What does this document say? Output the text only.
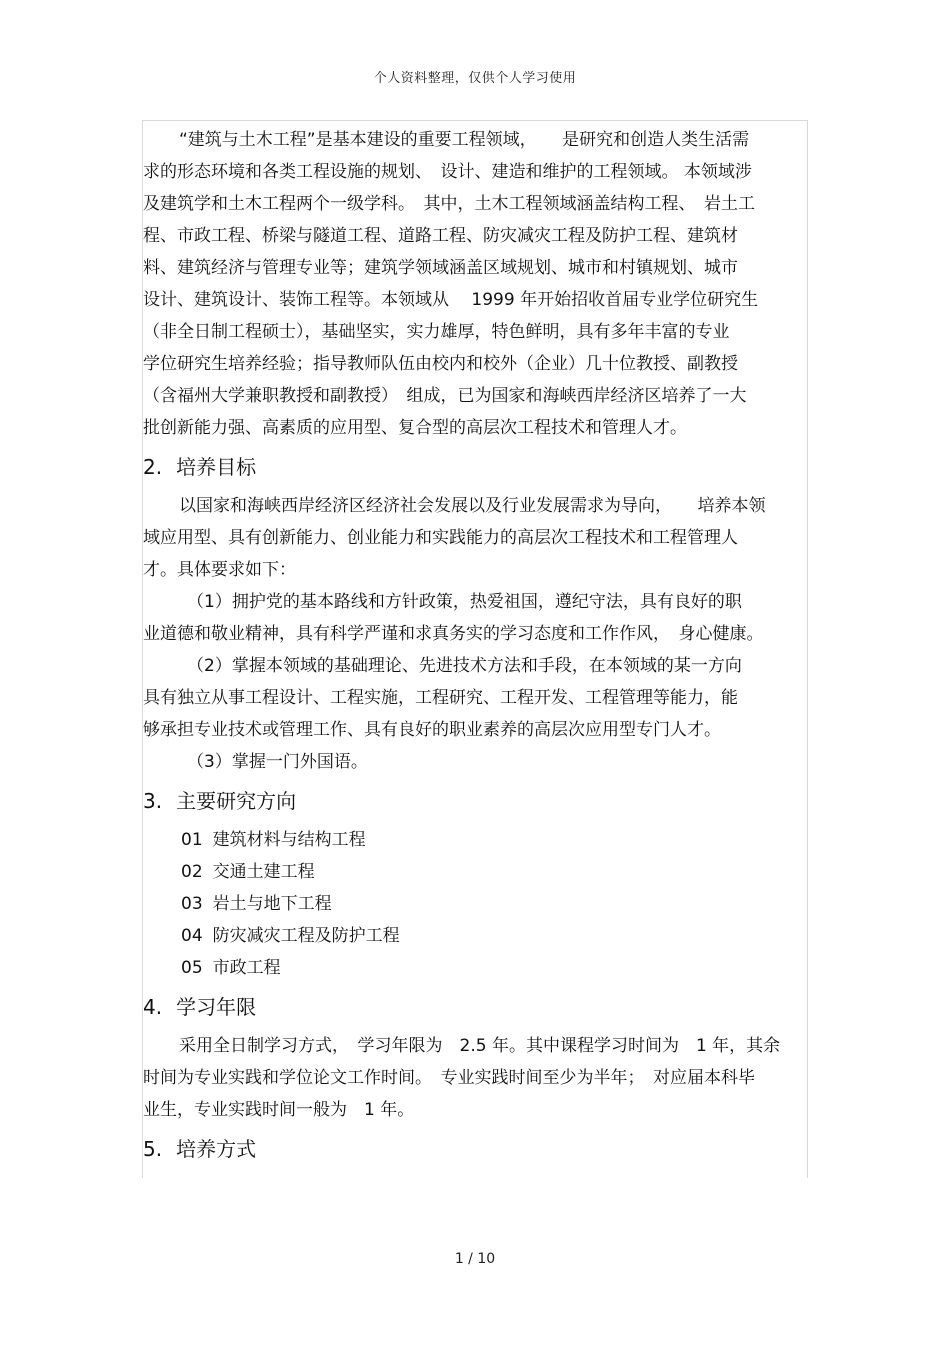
个人资料整理，仅供个人学习使用

“建筑与土木工程”是基本建设的重要工程领域，　　是研究和创造人类生活需

求的形态环境和各类工程设施的规划、　设计、建造和维护的工程领域。 本领域涉

及建筑学和土木工程两个一级学科。　其中，土木工程领域涵盖结构工程、　岩土工

程、市政工程、桥梁与隧道工程、道路工程、防灾减灾工程及防护工程、建筑材

料、建筑经济与管理专业等；建筑学领域涵盖区域规划、城市和村镇规划、城市

设计、建筑设计、装饰工程等。本领域从　 1999 年开始招收首届专业学位研究生

（非全日制工程硕士），基础坚实，实力雄厚，特色鲜明，具有多年丰富的专业

学位研究生培养经验；指导教师队伍由校内和校外（企业）几十位教授、副教授

（含福州大学兼职教授和副教授）　组成，已为国家和海峡西岸经济区培养了一大

批创新能力强、高素质的应用型、复合型的高层次工程技术和管理人才。

2. 培养目标

以国家和海峡西岸经济区经济社会发展以及行业发展需求为导向，　　培养本领

域应用型、具有创新能力、创业能力和实践能力的高层次工程技术和工程管理人

才。具体要求如下：

（1）拥护党的基本路线和方针政策，热爱祖国，遵纪守法，具有良好的职

业道德和敬业精神，具有科学严谨和求真务实的学习态度和工作作风，　身心健康。

（2）掌握本领域的基础理论、先进技术方法和手段，在本领域的某一方向

具有独立从事工程设计、工程实施，工程研究、工程开发、工程管理等能力，能

够承担专业技术或管理工作、具有良好的职业素养的高层次应用型专门人才。

（3）掌握一门外国语。

3. 主要研究方向
01 建筑材料与结构工程
02 交通土建工程
03 岩土与地下工程
04 防灾减灾工程及防护工程
05 市政工程
4. 学习年限

采用全日制学习方式，　学习年限为　2.5 年。其中课程学习时间为　1 年，其余

时间为专业实践和学位论文工作时间。　专业实践时间至少为半年；　对应届本科毕

业生，专业实践时间一般为　1 年。

5. 培养方式
1 / 10
